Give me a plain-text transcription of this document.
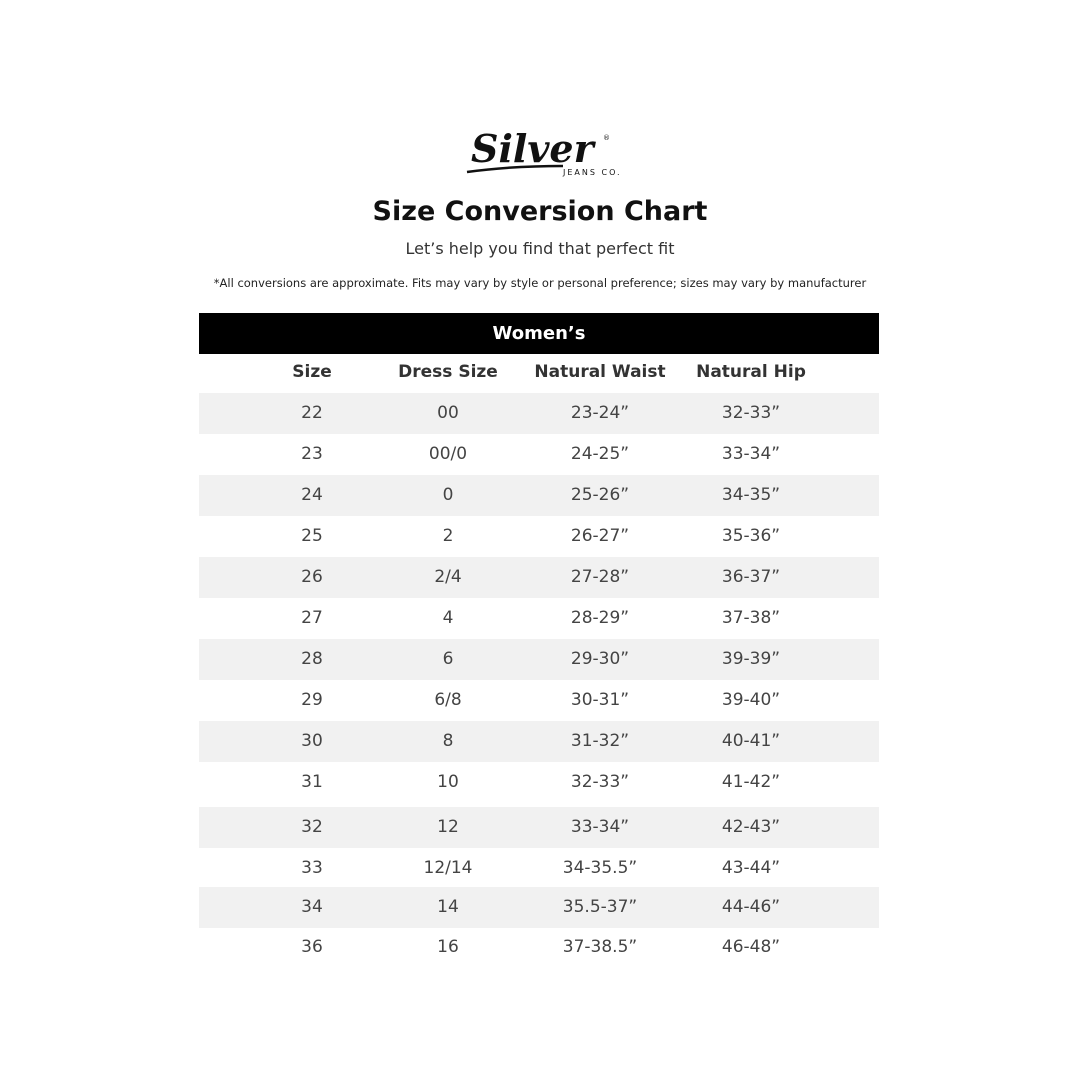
Silver	®
JEANS CO.
Size Conversion Chart
Let’s help you find that perfect fit
*All conversions are approximate. Fits may vary by style or personal preference; sizes may vary by manufacturer
Women’s
Size	Dress Size	Natural Waist	Natural Hip
22	00	23-24”	32-33”
23	00/0	24-25”	33-34”
24	0	25-26”	34-35”
25	2	26-27”	35-36”
26	2/4	27-28”	36-37”
27	4	28-29”	37-38”
28	6	29-30”	39-39”
29	6/8	30-31”	39-40”
30	8	31-32”	40-41”
31	10	32-33”	41-42”
32	12	33-34”	42-43”
33	12/14	34-35.5”	43-44”
34	14	35.5-37”	44-46”
36	16	37-38.5”	46-48”
